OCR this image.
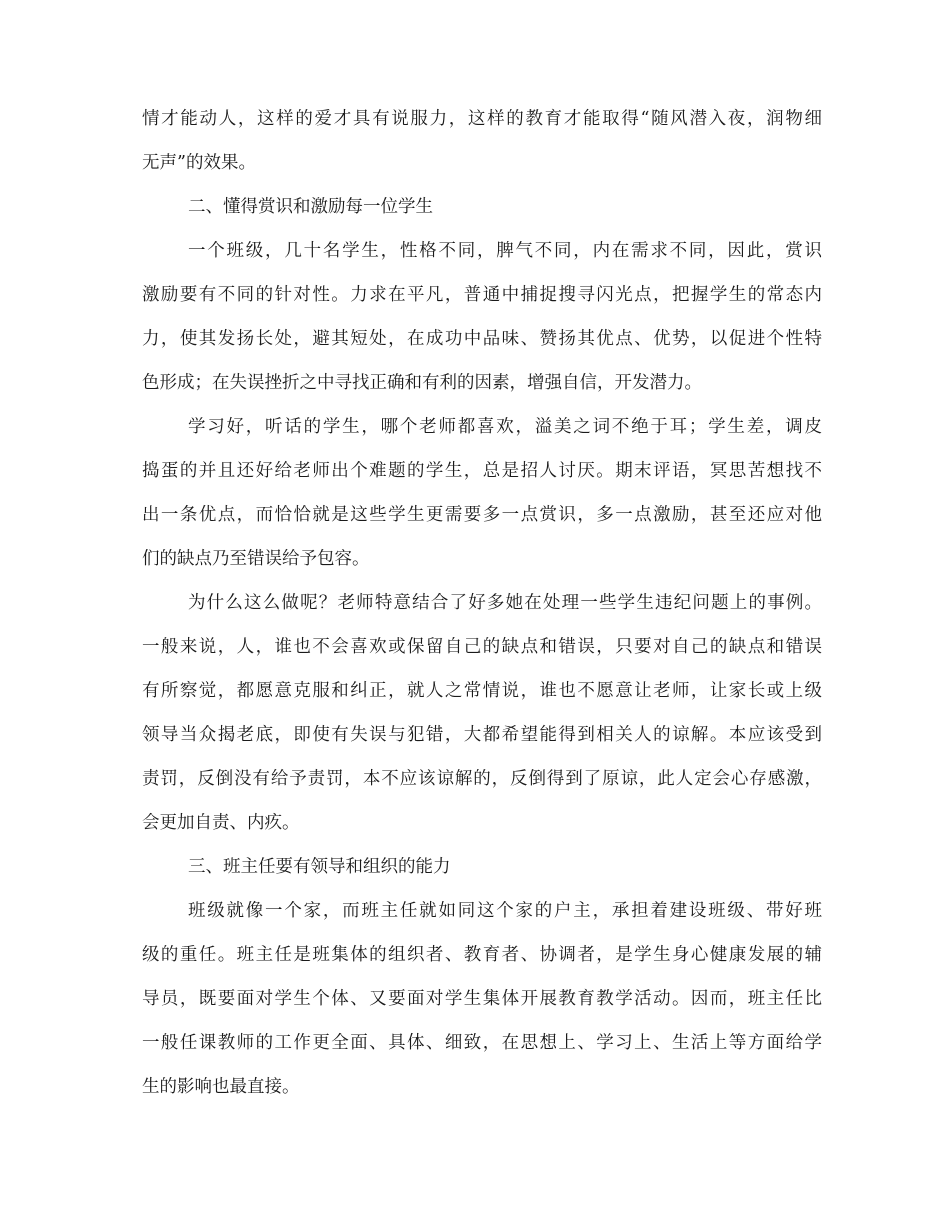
情才能动人，这样的爱才具有说服力，这样的教育才能取得“随风潜入夜，润物细
无声”的效果。
二、懂得赏识和激励每一位学生
一个班级，几十名学生，性格不同，脾气不同，内在需求不同，因此，赏识
激励要有不同的针对性。力求在平凡，普通中捕捉搜寻闪光点，把握学生的常态内
力，使其发扬长处，避其短处，在成功中品味、赞扬其优点、优势，以促进个性特
色形成；在失误挫折之中寻找正确和有利的因素，增强自信，开发潜力。
学习好，听话的学生，哪个老师都喜欢，溢美之词不绝于耳；学生差，调皮
捣蛋的并且还好给老师出个难题的学生，总是招人讨厌。期末评语，冥思苦想找不
出一条优点，而恰恰就是这些学生更需要多一点赏识，多一点激励，甚至还应对他
们的缺点乃至错误给予包容。
为什么这么做呢？老师特意结合了好多她在处理一些学生违纪问题上的事例。
一般来说，人，谁也不会喜欢或保留自己的缺点和错误，只要对自己的缺点和错误
有所察觉，都愿意克服和纠正，就人之常情说，谁也不愿意让老师，让家长或上级
领导当众揭老底，即使有失误与犯错，大都希望能得到相关人的谅解。本应该受到
责罚，反倒没有给予责罚，本不应该谅解的，反倒得到了原谅，此人定会心存感激，
会更加自责、内疚。
三、班主任要有领导和组织的能力
班级就像一个家，而班主任就如同这个家的户主，承担着建设班级、带好班
级的重任。班主任是班集体的组织者、教育者、协调者，是学生身心健康发展的辅
导员，既要面对学生个体、又要面对学生集体开展教育教学活动。因而，班主任比
一般任课教师的工作更全面、具体、细致，在思想上、学习上、生活上等方面给学
生的影响也最直接。
